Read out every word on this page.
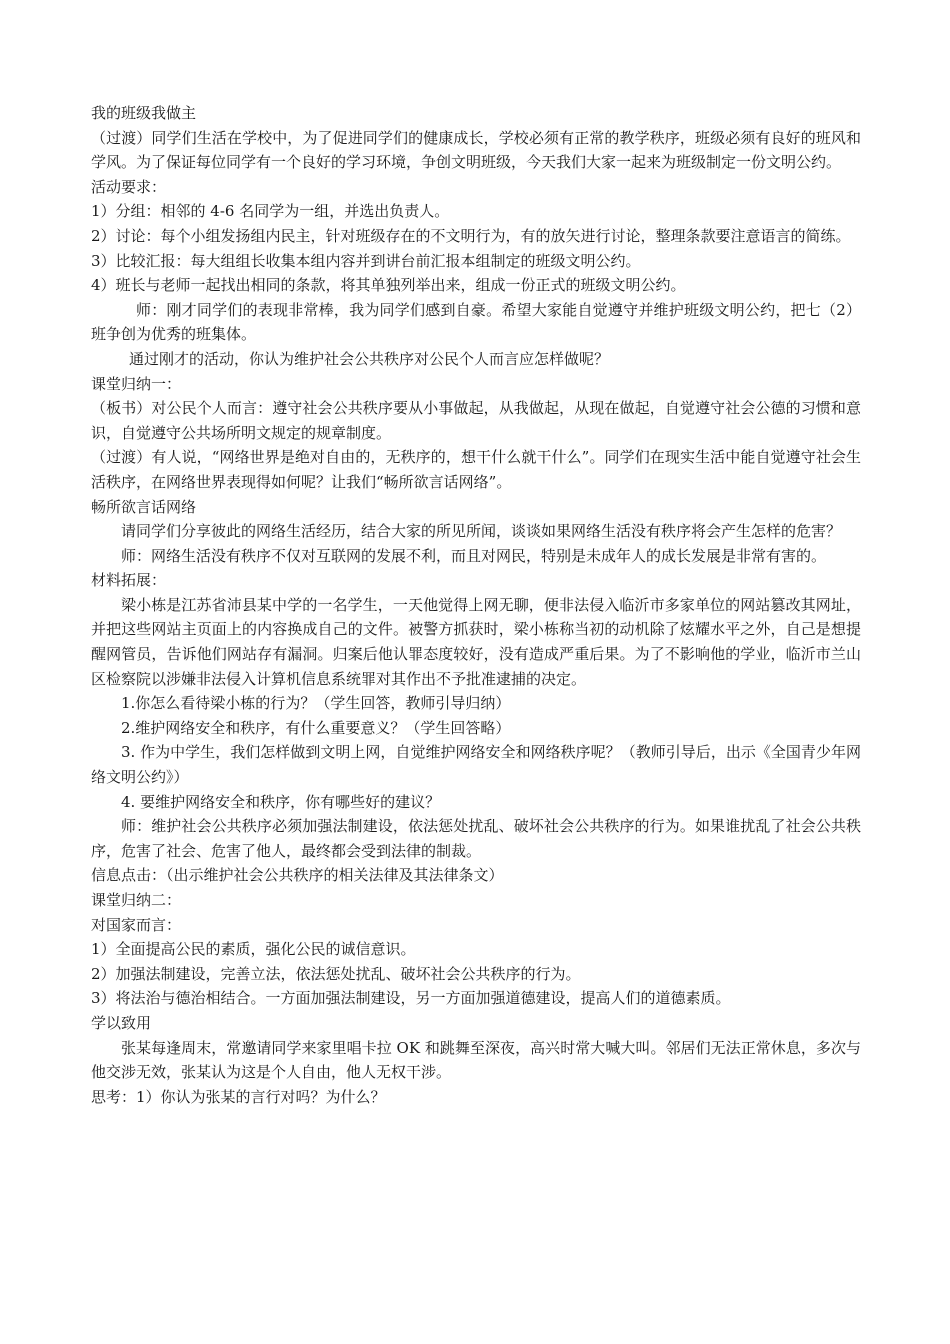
我的班级我做主

（过渡）同学们生活在学校中，为了促进同学们的健康成长，学校必须有正常的教学秩序，班级必须有良好的班风和学风。为了保证每位同学有一个良好的学习环境，争创文明班级，今天我们大家一起来为班级制定一份文明公约。

活动要求：

1）分组：相邻的 4-6 名同学为一组，并选出负责人。

2）讨论：每个小组发扬组内民主，针对班级存在的不文明行为，有的放矢进行讨论，整理条款要注意语言的简练。

3）比较汇报：每大组组长收集本组内容并到讲台前汇报本组制定的班级文明公约。

4）班长与老师一起找出相同的条款，将其单独列举出来，组成一份正式的班级文明公约。

师：刚才同学们的表现非常棒，我为同学们感到自豪。希望大家能自觉遵守并维护班级文明公约，把七（2）班争创为优秀的班集体。

通过刚才的活动，你认为维护社会公共秩序对公民个人而言应怎样做呢？

课堂归纳一：

（板书）对公民个人而言：遵守社会公共秩序要从小事做起，从我做起，从现在做起，自觉遵守社会公德的习惯和意识，自觉遵守公共场所明文规定的规章制度。

（过渡）有人说，“网络世界是绝对自由的，无秩序的，想干什么就干什么”。同学们在现实生活中能自觉遵守社会生活秩序，在网络世界表现得如何呢？让我们“畅所欲言话网络”。

畅所欲言话网络

请同学们分享彼此的网络生活经历，结合大家的所见所闻，谈谈如果网络生活没有秩序将会产生怎样的危害？

师：网络生活没有秩序不仅对互联网的发展不利，而且对网民，特别是未成年人的成长发展是非常有害的。

材料拓展：

梁小栋是江苏省沛县某中学的一名学生，一天他觉得上网无聊，便非法侵入临沂市多家单位的网站篡改其网址，并把这些网站主页面上的内容换成自己的文件。被警方抓获时，梁小栋称当初的动机除了炫耀水平之外，自己是想提醒网管员，告诉他们网站存有漏洞。归案后他认罪态度较好，没有造成严重后果。为了不影响他的学业，临沂市兰山区检察院以涉嫌非法侵入计算机信息系统罪对其作出不予批准逮捕的决定。

1.你怎么看待梁小栋的行为？（学生回答，教师引导归纳）

2.维护网络安全和秩序，有什么重要意义？（学生回答略）

3. 作为中学生，我们怎样做到文明上网，自觉维护网络安全和网络秩序呢？（教师引导后，出示《全国青少年网络文明公约》）

4. 要维护网络安全和秩序，你有哪些好的建议？

师：维护社会公共秩序必须加强法制建设，依法惩处扰乱、破坏社会公共秩序的行为。如果谁扰乱了社会公共秩序，危害了社会、危害了他人，最终都会受到法律的制裁。

信息点击：（出示维护社会公共秩序的相关法律及其法律条文）

课堂归纳二：

对国家而言：

1）全面提高公民的素质，强化公民的诚信意识。

2）加强法制建设，完善立法，依法惩处扰乱、破坏社会公共秩序的行为。

3）将法治与德治相结合。一方面加强法制建设，另一方面加强道德建设，提高人们的道德素质。

学以致用

张某每逢周末，常邀请同学来家里唱卡拉 OK 和跳舞至深夜，高兴时常大喊大叫。邻居们无法正常休息，多次与他交涉无效，张某认为这是个人自由，他人无权干涉。

思考：1）你认为张某的言行对吗？为什么？
